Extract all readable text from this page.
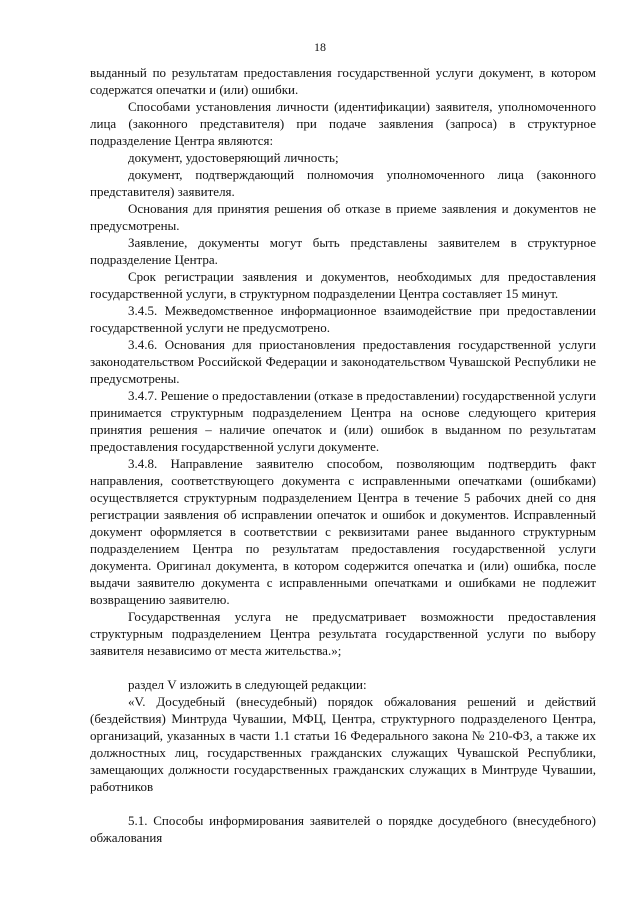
18

выданный по результатам предоставления государственной услуги документ, в котором содержатся опечатки и (или) ошибки.

Способами установления личности (идентификации) заявителя, уполномоченного лица (законного представителя) при подаче заявления (запроса) в структурное подразделение Центра являются:

документ, удостоверяющий личность;

документ, подтверждающий полномочия уполномоченного лица (законного представителя) заявителя.

Основания для принятия решения об отказе в приеме заявления и документов не предусмотрены.

Заявление, документы могут быть представлены заявителем в структурное подразделение Центра.

Срок регистрации заявления и документов, необходимых для предоставления государственной услуги, в структурном подразделении Центра составляет 15 минут.

3.4.5. Межведомственное информационное взаимодействие при предоставлении государственной услуги не предусмотрено.

3.4.6. Основания для приостановления предоставления государственной услуги законодательством Российской Федерации и законодательством Чувашской Республики не предусмотрены.

3.4.7. Решение о предоставлении (отказе в предоставлении) государственной услуги принимается структурным подразделением Центра на основе следующего критерия принятия решения – наличие опечаток и (или) ошибок в выданном по результатам предоставления государственной услуги документе.

3.4.8. Направление заявителю способом, позволяющим подтвердить факт направления, соответствующего документа с исправленными опечатками (ошибками) осуществляется структурным подразделением Центра в течение 5 рабочих дней со дня регистрации заявления об исправлении опечаток и ошибок и документов. Исправленный документ оформляется в соответствии с реквизитами ранее выданного структурным подразделением Центра по результатам предоставления государственной услуги документа. Оригинал документа, в котором содержится опечатка и (или) ошибка, после выдачи заявителю документа с исправленными опечатками и ошибками не подлежит возвращению заявителю.

Государственная услуга не предусматривает возможности предоставления структурным подразделением Центра результата государственной услуги по выбору заявителя независимо от места жительства.»;

раздел V изложить в следующей редакции:

«V. Досудебный (внесудебный) порядок обжалования решений и действий (бездействия) Минтруда Чувашии, МФЦ, Центра, структурного подразделеного Центра, организаций, указанных в части 1.1 статьи 16 Федерального закона № 210-ФЗ, а также их должностных лиц, государственных гражданских служащих Чувашской Республики, замещающих должности государственных гражданских служащих в Минтруде Чувашии, работников

5.1. Способы информирования заявителей о порядке досудебного (внесудебного) обжалования
